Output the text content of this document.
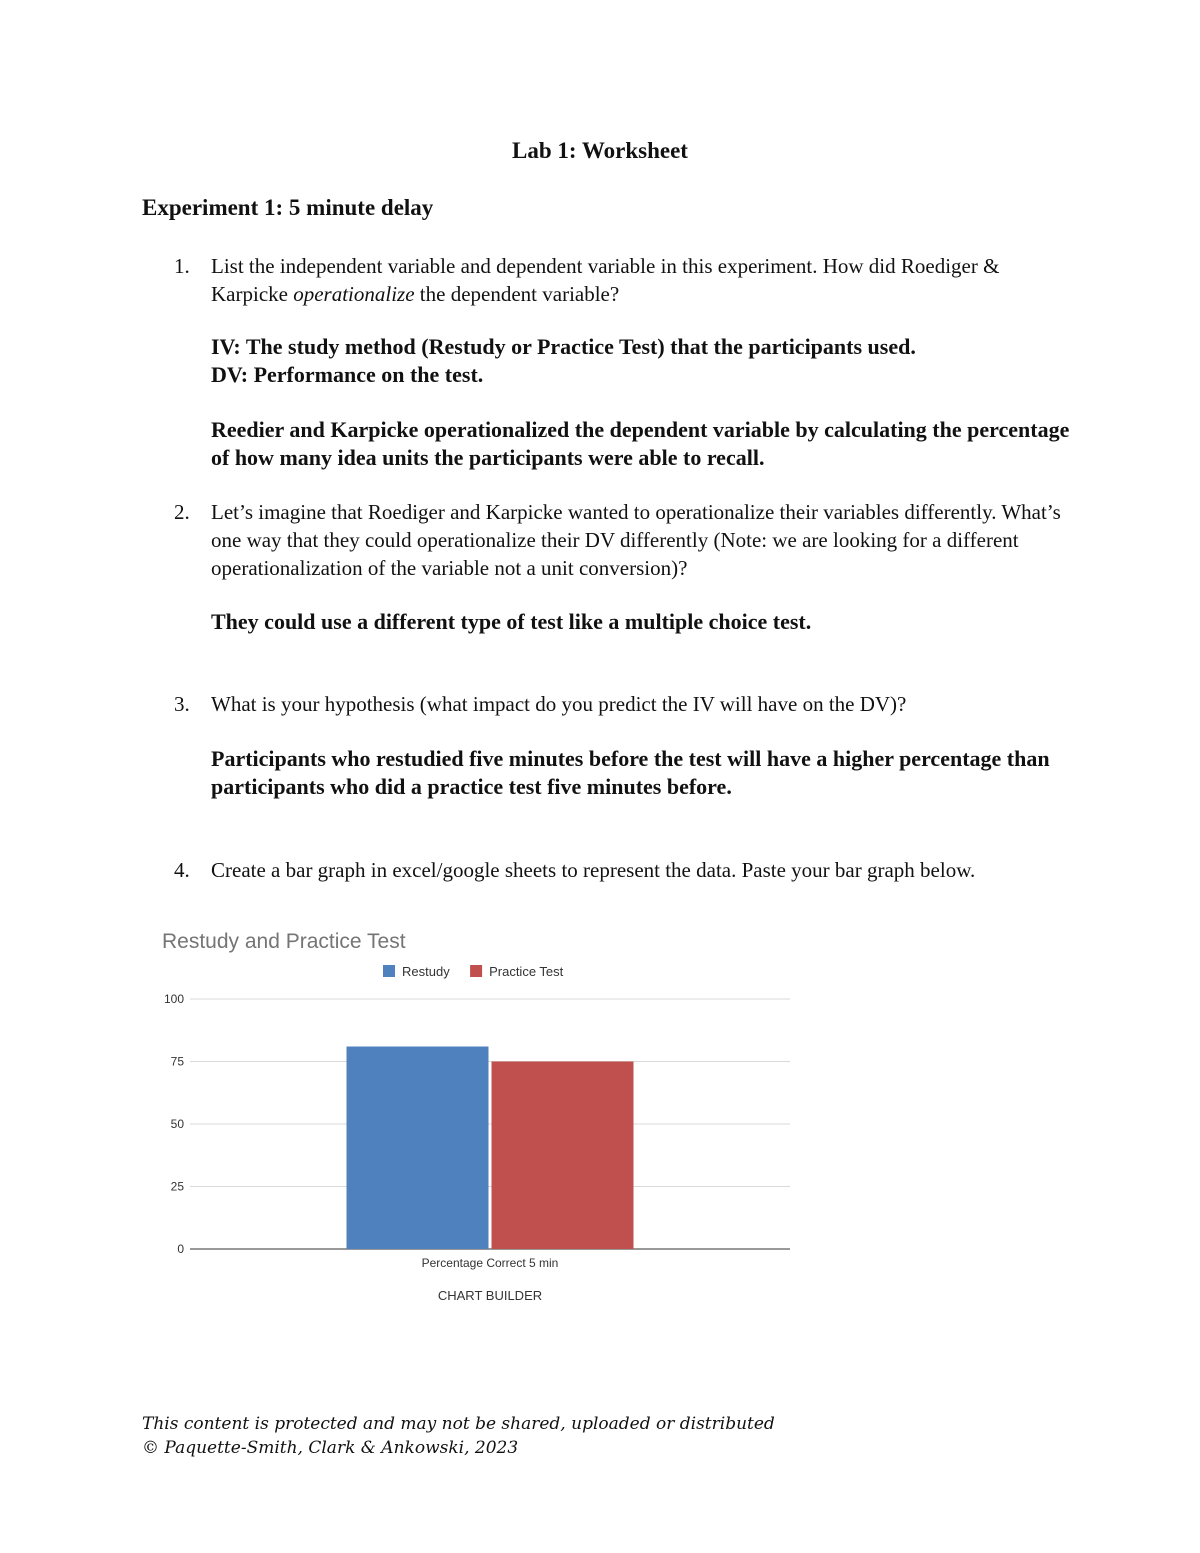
Lab 1: Worksheet
Experiment 1: 5 minute delay
1. List the independent variable and dependent variable in this experiment. How did Roediger & Karpicke operationalize the dependent variable?

IV: The study method (Restudy or Practice Test) that the participants used.

DV: Performance on the test.

Reedier and Karpicke operationalized the dependent variable by calculating the percentage of how many idea units the participants were able to recall.

2. Let’s imagine that Roediger and Karpicke wanted to operationalize their variables differently. What’s one way that they could operationalize their DV differently (Note: we are looking for a different operationalization of the variable not a unit conversion)?

They could use a different type of test like a multiple choice test.

3. What is your hypothesis (what impact do you predict the IV will have on the DV)?

Participants who restudied five minutes before the test will have a higher percentage than participants who did a practice test five minutes before.

4. Create a bar graph in excel/google sheets to represent the data. Paste your bar graph below.
Restudy and Practice Test
Restudy	Practice Test
0
25
50
75
100
Percentage Correct 5 min
CHART BUILDER
This content is protected and may not be shared, uploaded or distributed
© Paquette-Smith, Clark & Ankowski, 2023
